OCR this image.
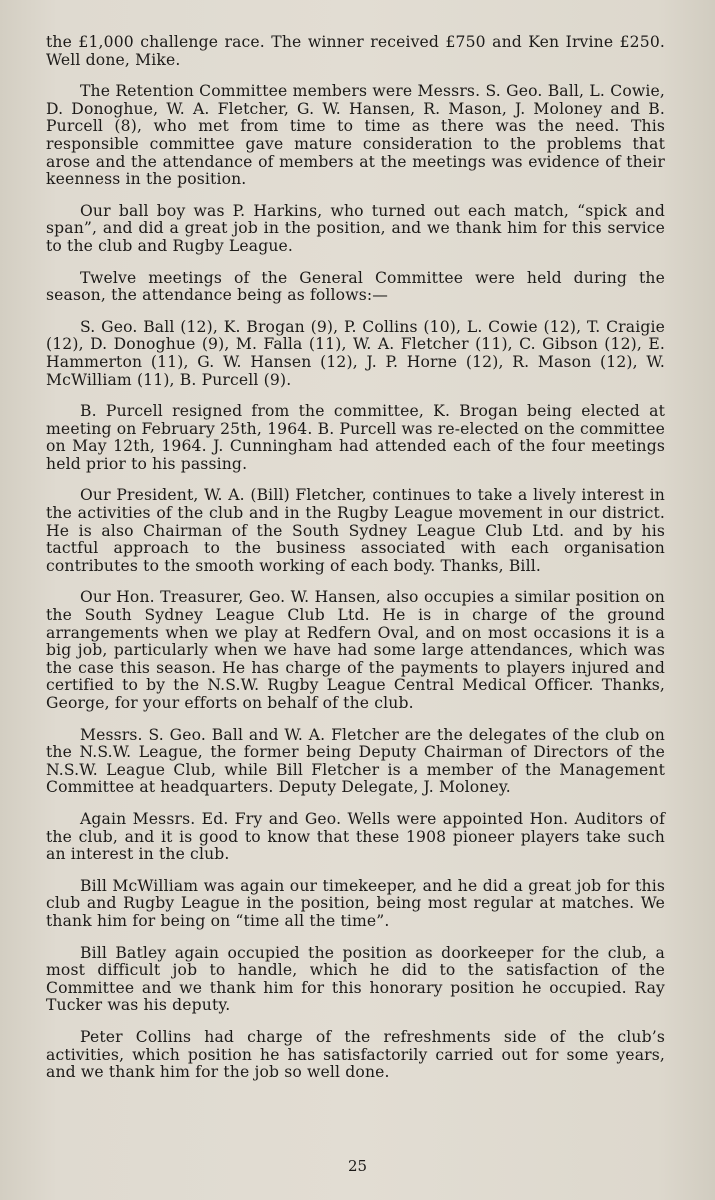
the £1,000 challenge race. The winner received £750 and Ken Irvine £250. Well done, Mike.

The Retention Committee members were Messrs. S. Geo. Ball, L. Cowie, D. Donoghue, W. A. Fletcher, G. W. Hansen, R. Mason, J. Moloney and B. Purcell (8), who met from time to time as there was the need. This responsible committee gave mature consideration to the problems that arose and the attendance of members at the meetings was evidence of their keenness in the position.

Our ball boy was P. Harkins, who turned out each match, “spick and span”, and did a great job in the position, and we thank him for this service to the club and Rugby League.

Twelve meetings of the General Committee were held during the season, the attendance being as follows:—

S. Geo. Ball (12), K. Brogan (9), P. Collins (10), L. Cowie (12), T. Craigie (12), D. Donoghue (9), M. Falla (11), W. A. Fletcher (11), C. Gibson (12), E. Hammerton (11), G. W. Hansen (12), J. P. Horne (12), R. Mason (12), W. McWilliam (11), B. Purcell (9).

B. Purcell resigned from the committee, K. Brogan being elected at meeting on February 25th, 1964. B. Purcell was re-elected on the committee on May 12th, 1964. J. Cunningham had attended each of the four meetings held prior to his passing.

Our President, W. A. (Bill) Fletcher, continues to take a lively interest in the activities of the club and in the Rugby League movement in our district. He is also Chairman of the South Sydney League Club Ltd. and by his tactful approach to the business associated with each organisation contributes to the smooth working of each body. Thanks, Bill.

Our Hon. Treasurer, Geo. W. Hansen, also occupies a similar position on the South Sydney League Club Ltd. He is in charge of the ground arrangements when we play at Redfern Oval, and on most occasions it is a big job, particularly when we have had some large attendances, which was the case this season. He has charge of the payments to players injured and certified to by the N.S.W. Rugby League Central Medical Officer. Thanks, George, for your efforts on behalf of the club.

Messrs. S. Geo. Ball and W. A. Fletcher are the delegates of the club on the N.S.W. League, the former being Deputy Chairman of Directors of the N.S.W. League Club, while Bill Fletcher is a member of the Management Committee at headquarters. Deputy Delegate, J. Moloney.

Again Messrs. Ed. Fry and Geo. Wells were appointed Hon. Auditors of the club, and it is good to know that these 1908 pioneer players take such an interest in the club.

Bill McWilliam was again our timekeeper, and he did a great job for this club and Rugby League in the position, being most regular at matches. We thank him for being on “time all the time”.

Bill Batley again occupied the position as doorkeeper for the club, a most difficult job to handle, which he did to the satisfaction of the Committee and we thank him for this honorary position he occupied. Ray Tucker was his deputy.

Peter Collins had charge of the refreshments side of the club’s activities, which position he has satisfactorily carried out for some years, and we thank him for the job so well done.

25
